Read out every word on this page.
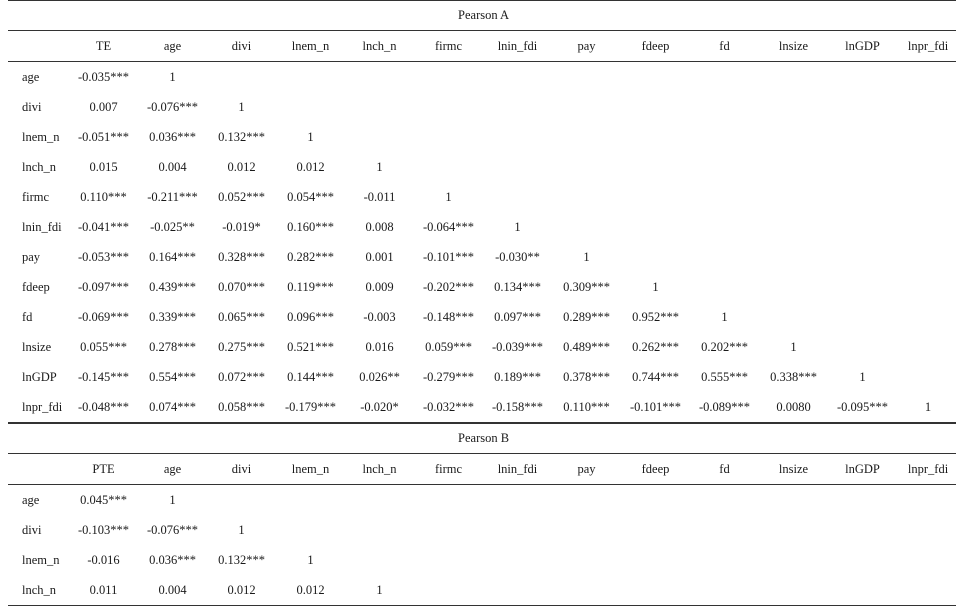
Pearson A													
	TE	age	divi	lnem_n	lnch_n	firmc	lnin_fdi	pay	fdeep	fd	lnsize	lnGDP	lnpr_fdi
age	-0.035***	1											
divi	0.007	-0.076***	1										
lnem_n	-0.051***	0.036***	0.132***	1									
lnch_n	0.015	0.004	0.012	0.012	1								
firmc	0.110***	-0.211***	0.052***	0.054***	-0.011	1							
lnin_fdi	-0.041***	-0.025**	-0.019*	0.160***	0.008	-0.064***	1						
pay	-0.053***	0.164***	0.328***	0.282***	0.001	-0.101***	-0.030**	1					
fdeep	-0.097***	0.439***	0.070***	0.119***	0.009	-0.202***	0.134***	0.309***	1				
fd	-0.069***	0.339***	0.065***	0.096***	-0.003	-0.148***	0.097***	0.289***	0.952***	1			
lnsize	0.055***	0.278***	0.275***	0.521***	0.016	0.059***	-0.039***	0.489***	0.262***	0.202***	1		
lnGDP	-0.145***	0.554***	0.072***	0.144***	0.026**	-0.279***	0.189***	0.378***	0.744***	0.555***	0.338***	1	
lnpr_fdi	-0.048***	0.074***	0.058***	-0.179***	-0.020*	-0.032***	-0.158***	0.110***	-0.101***	-0.089***	0.0080	-0.095***	1
Pearson B													
	PTE	age	divi	lnem_n	lnch_n	firmc	lnin_fdi	pay	fdeep	fd	lnsize	lnGDP	lnpr_fdi
age	0.045***	1											
divi	-0.103***	-0.076***	1										
lnem_n	-0.016	0.036***	0.132***	1									
lnch_n	0.011	0.004	0.012	0.012	1								
